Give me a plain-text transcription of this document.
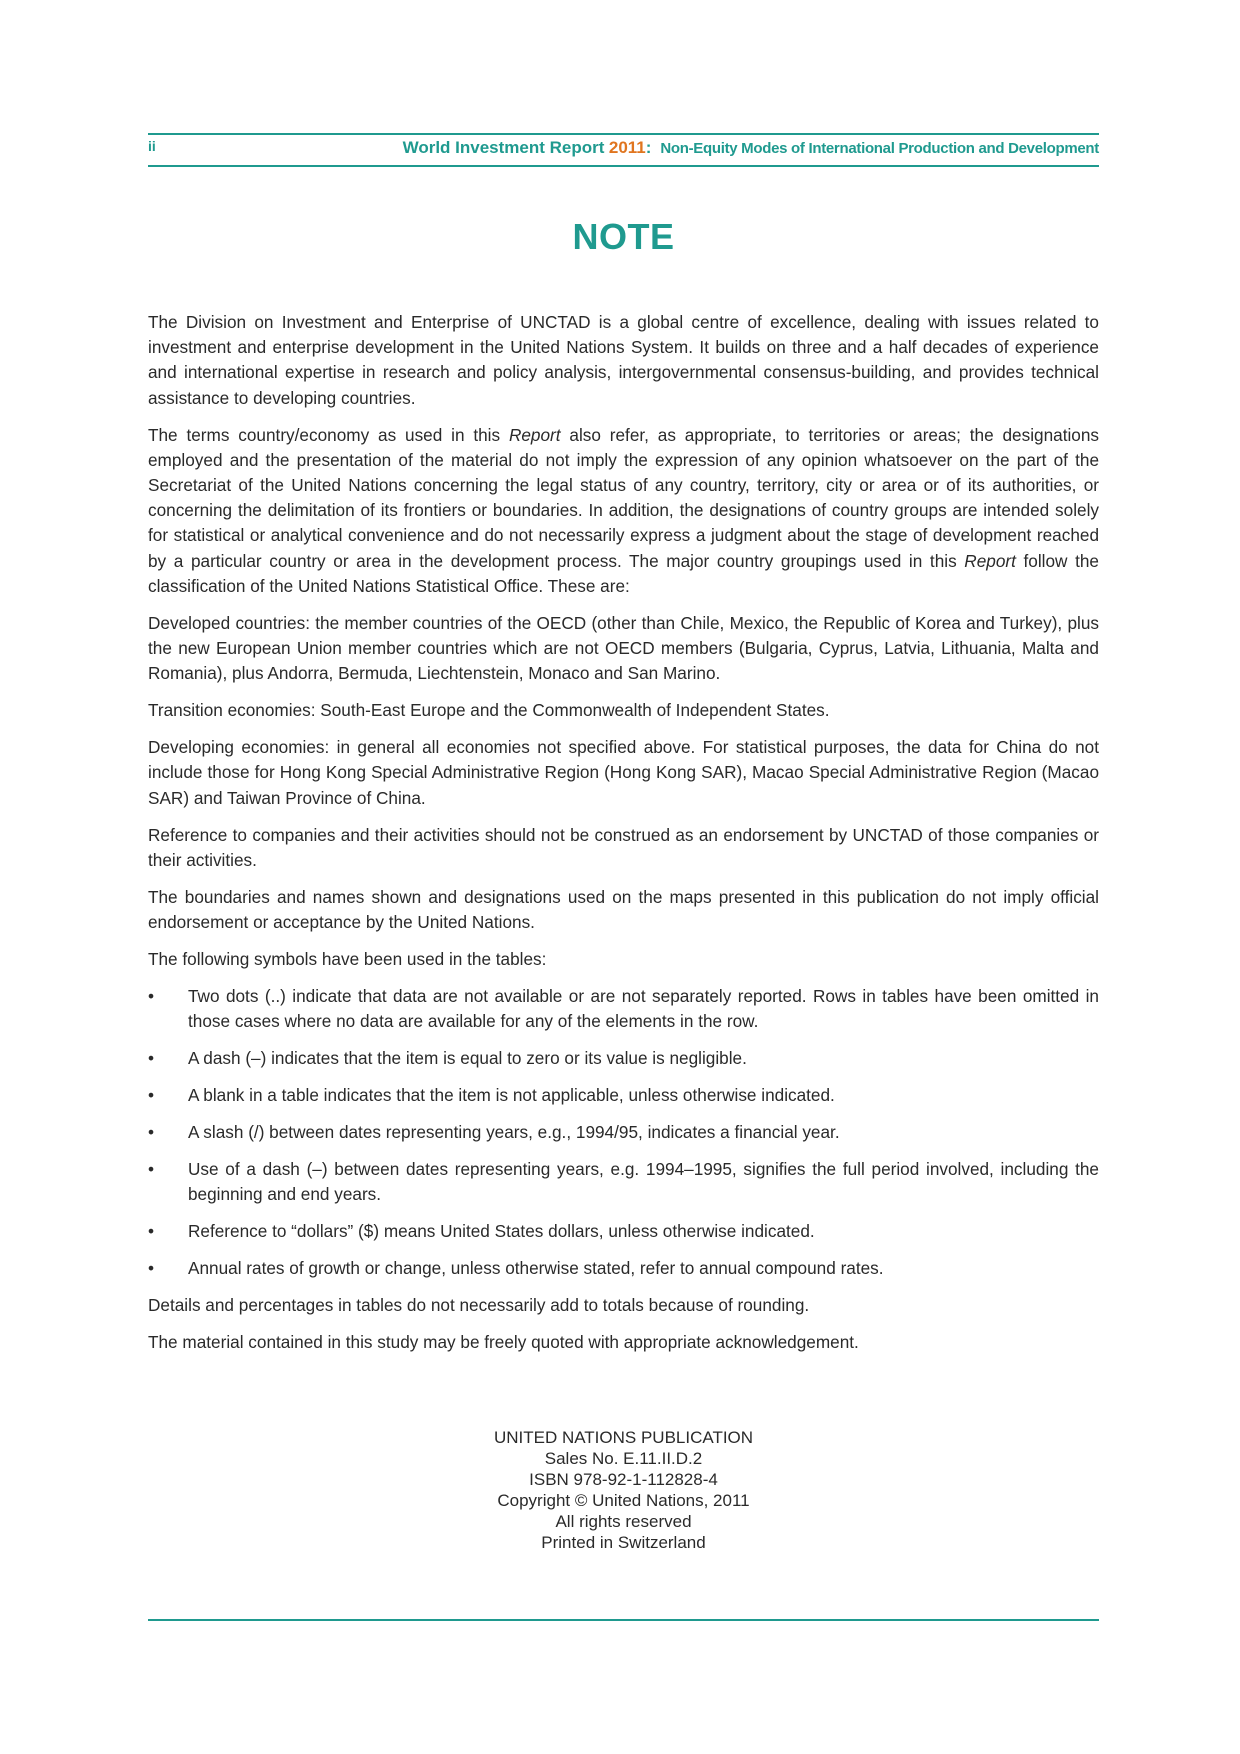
ii	World Investment Report 2011: Non-Equity Modes of International Production and Development
NOTE

The Division on Investment and Enterprise of UNCTAD is a global centre of excellence, dealing with issues related to investment and enterprise development in the United Nations System. It builds on three and a half decades of experience and international expertise in research and policy analysis, intergovernmental consensus-building, and provides technical assistance to developing countries.

The terms country/economy as used in this Report also refer, as appropriate, to territories or areas; the designations employed and the presentation of the material do not imply the expression of any opinion whatsoever on the part of the Secretariat of the United Nations concerning the legal status of any country, territory, city or area or of its authorities, or concerning the delimitation of its frontiers or boundaries. In addition, the designations of country groups are intended solely for statistical or analytical convenience and do not necessarily express a judgment about the stage of development reached by a particular country or area in the development process. The major country groupings used in this Report follow the classification of the United Nations Statistical Office. These are:

Developed countries: the member countries of the OECD (other than Chile, Mexico, the Republic of Korea and Turkey), plus the new European Union member countries which are not OECD members (Bulgaria, Cyprus, Latvia, Lithuania, Malta and Romania), plus Andorra, Bermuda, Liechtenstein, Monaco and San Marino.

Transition economies: South-East Europe and the Commonwealth of Independent States.

Developing economies: in general all economies not specified above. For statistical purposes, the data for China do not include those for Hong Kong Special Administrative Region (Hong Kong SAR), Macao Special Administrative Region (Macao SAR) and Taiwan Province of China.

Reference to companies and their activities should not be construed as an endorsement by UNCTAD of those companies or their activities.

The boundaries and names shown and designations used on the maps presented in this publication do not imply official endorsement or acceptance by the United Nations.

The following symbols have been used in the tables:

• Two dots (..) indicate that data are not available or are not separately reported. Rows in tables have been omitted in those cases where no data are available for any of the elements in the row.
• A dash (–) indicates that the item is equal to zero or its value is negligible.
• A blank in a table indicates that the item is not applicable, unless otherwise indicated.
• A slash (/) between dates representing years, e.g., 1994/95, indicates a financial year.
• Use of a dash (–) between dates representing years, e.g. 1994–1995, signifies the full period involved, including the beginning and end years.
• Reference to “dollars” ($) means United States dollars, unless otherwise indicated.
• Annual rates of growth or change, unless otherwise stated, refer to annual compound rates.

Details and percentages in tables do not necessarily add to totals because of rounding.

The material contained in this study may be freely quoted with appropriate acknowledgement.

UNITED NATIONS PUBLICATION
Sales No. E.11.II.D.2
ISBN 978-92-1-112828-4
Copyright © United Nations, 2011
All rights reserved
Printed in Switzerland
